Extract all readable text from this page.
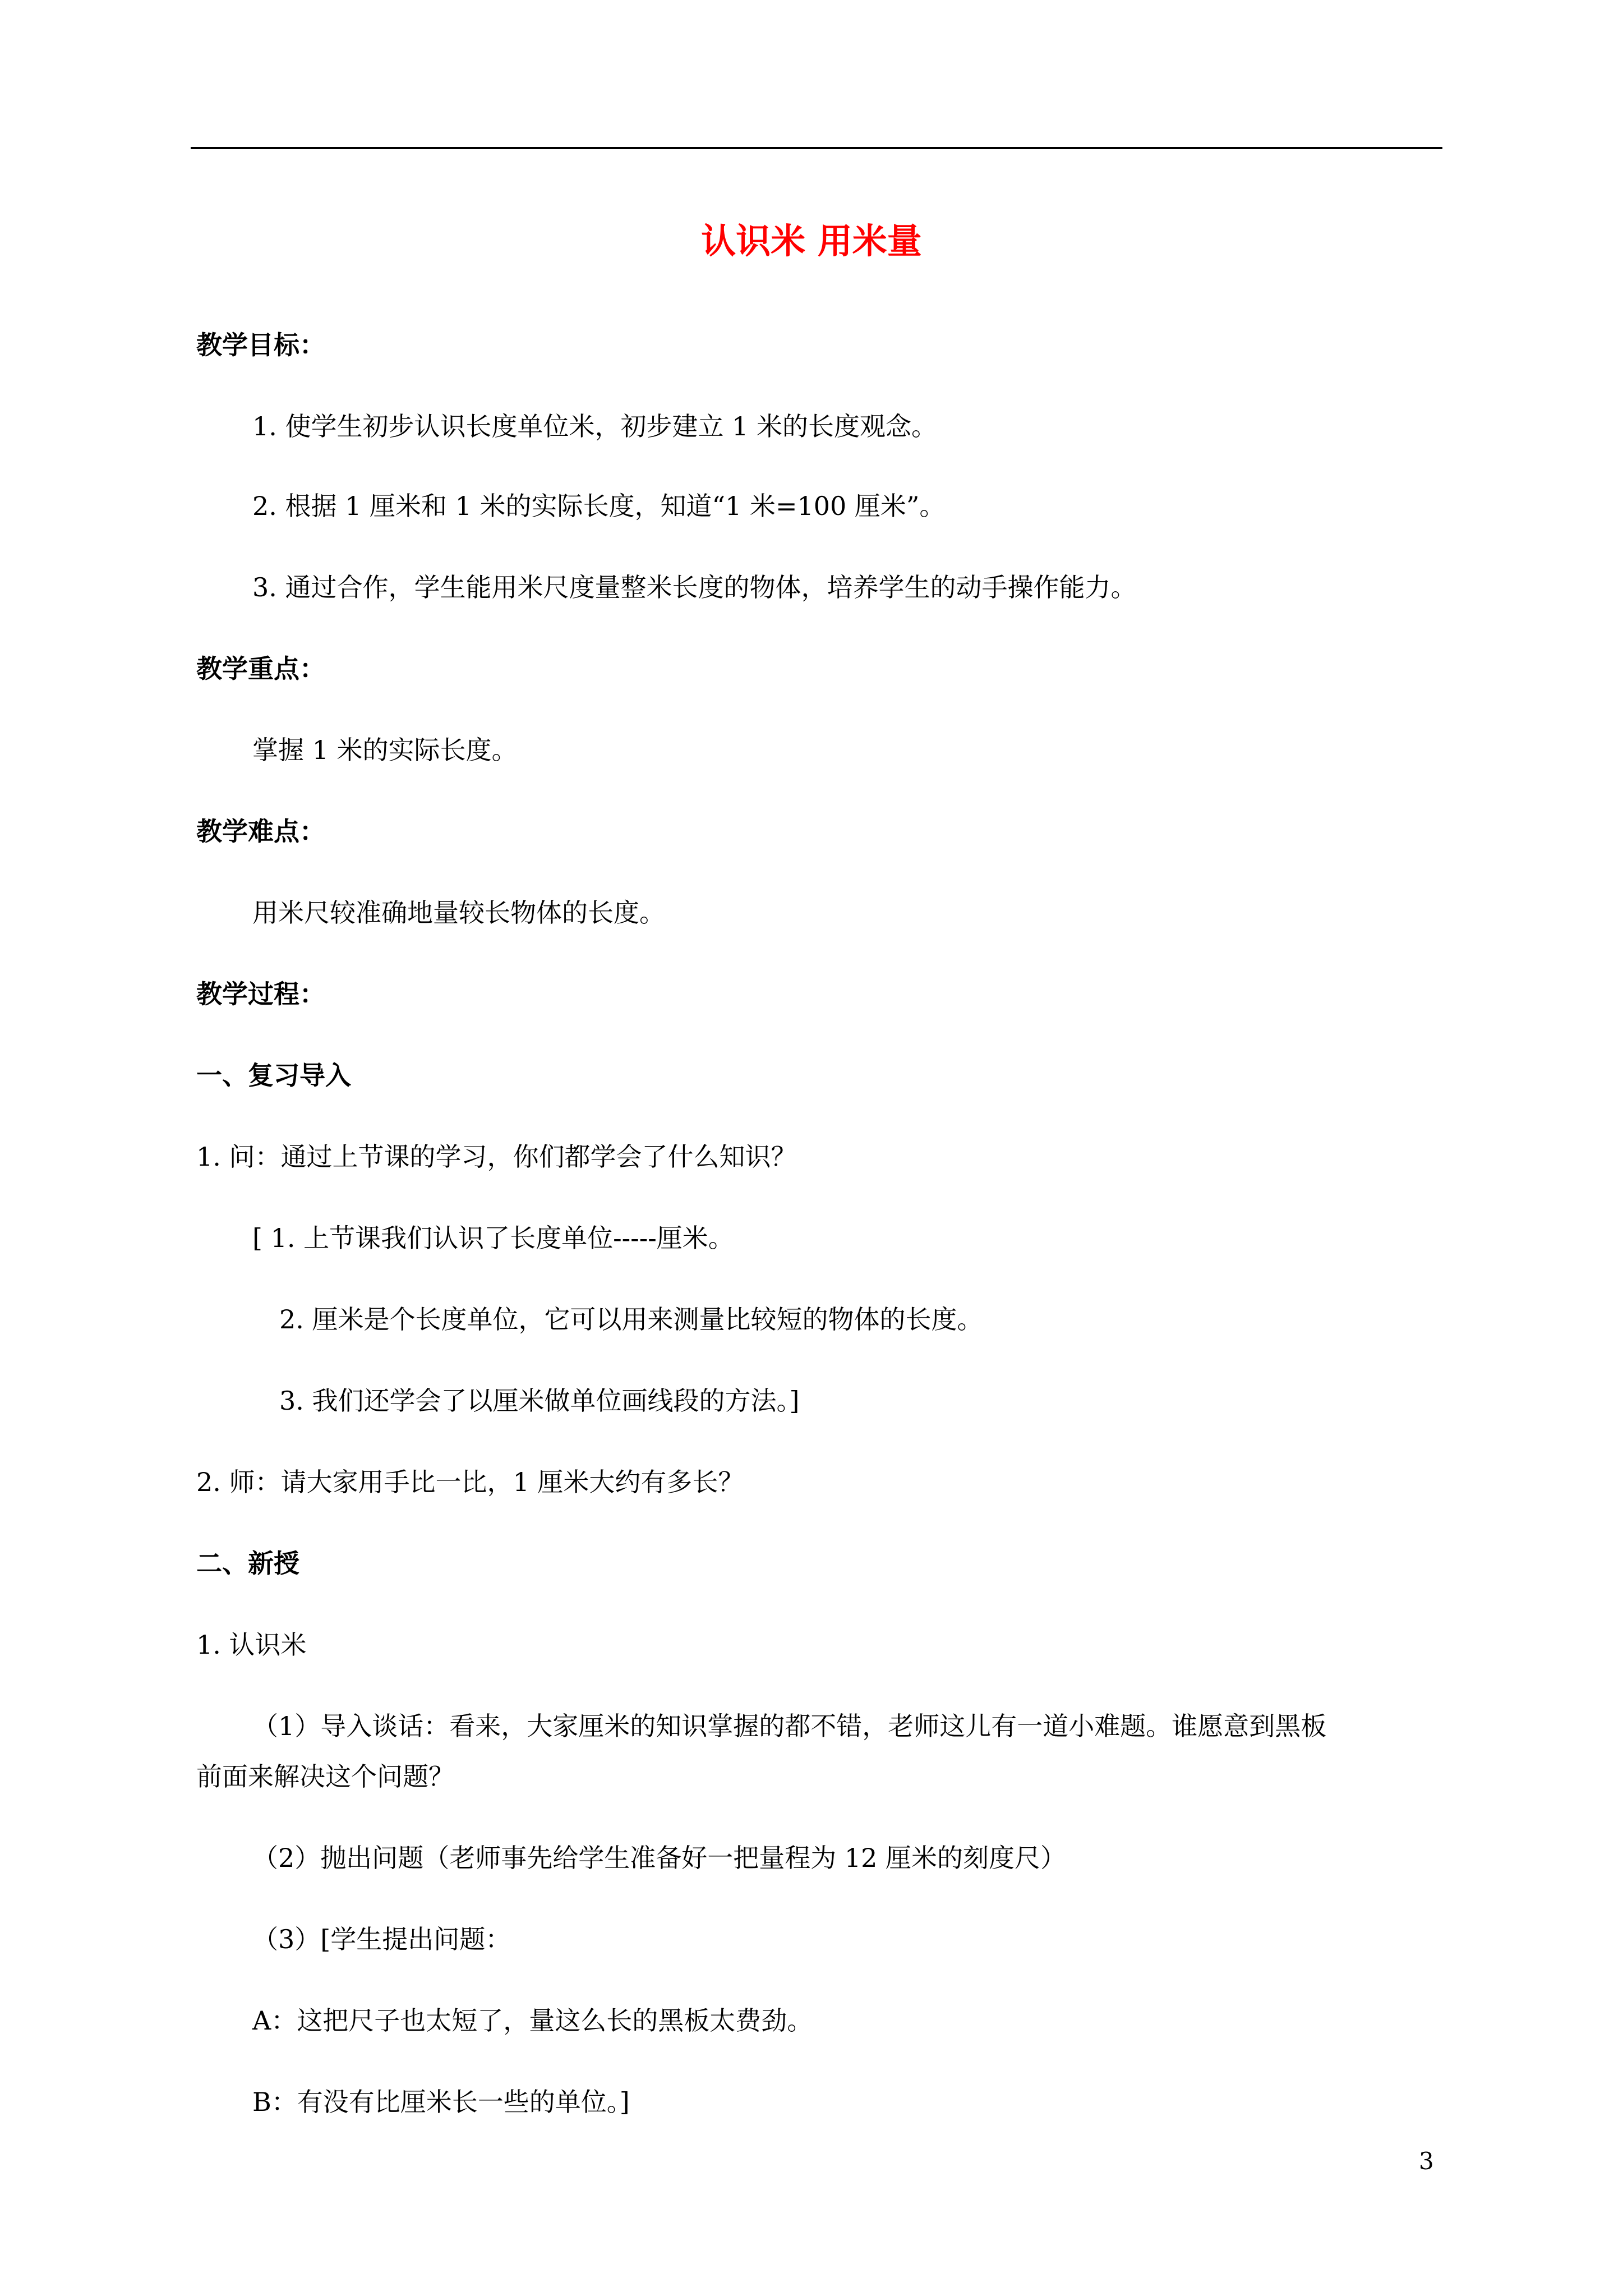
认识米 用米量

教学目标：

1. 使学生初步认识长度单位米，初步建立 1 米的长度观念。

2. 根据 1 厘米和 1 米的实际长度，知道“1 米=100 厘米”。

3. 通过合作，学生能用米尺度量整米长度的物体，培养学生的动手操作能力。

教学重点：

掌握 1 米的实际长度。

教学难点：

用米尺较准确地量较长物体的长度。

教学过程：

一、复习导入

1. 问：通过上节课的学习，你们都学会了什么知识？

[ 1. 上节课我们认识了长度单位-----厘米。

2. 厘米是个长度单位，它可以用来测量比较短的物体的长度。

3. 我们还学会了以厘米做单位画线段的方法。]

2. 师：请大家用手比一比，1 厘米大约有多长？

二、新授

1. 认识米

（1）导入谈话：看来，大家厘米的知识掌握的都不错，老师这儿有一道小难题。谁愿意到黑板

前面来解决这个问题？

（2）抛出问题（老师事先给学生准备好一把量程为 12 厘米的刻度尺）

（3）[学生提出问题：

A：这把尺子也太短了，量这么长的黑板太费劲。

B：有没有比厘米长一些的单位。]

3
